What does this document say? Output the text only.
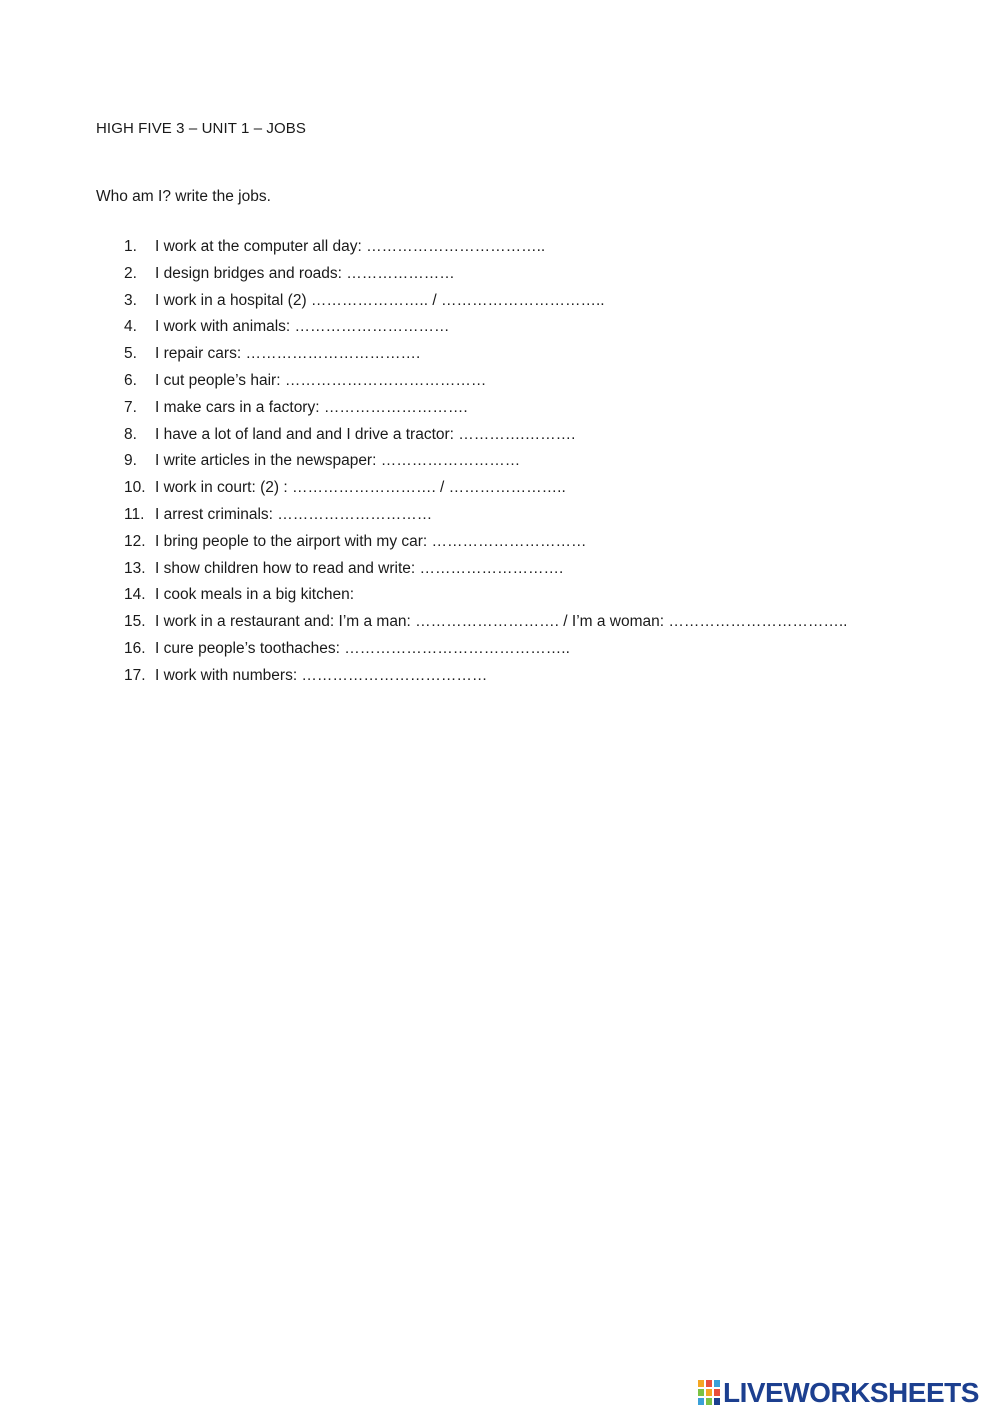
HIGH FIVE 3 – UNIT 1 – JOBS
Who am I? write the jobs.
1. I work at the computer all day: ……………………………..
2. I design bridges and roads: …………………
3. I work in a hospital (2) ………………….. / …………………………..
4. I work with animals: …………………………
5. I repair cars: …………………………….
6. I cut people’s hair: …………………………………
7. I make cars in a factory: ……………………….
8. I have a lot of land and and I drive a tractor: ………….……….
9. I write articles in the newspaper: ………………………
10. I work in court: (2) : ………………………. / …………………..
11. I arrest criminals: …………………………
12. I bring people to the airport with my car: …………………………
13. I show children how to read and write: ……………………….
14. I cook meals in a big kitchen:
15. I work in a restaurant and: I’m a man: ………………………. / I’m a woman: ……………………………..
16. I cure people’s toothaches: ……………………………………..
17. I work with numbers: ………………………………
LIVEWORKSHEETS
